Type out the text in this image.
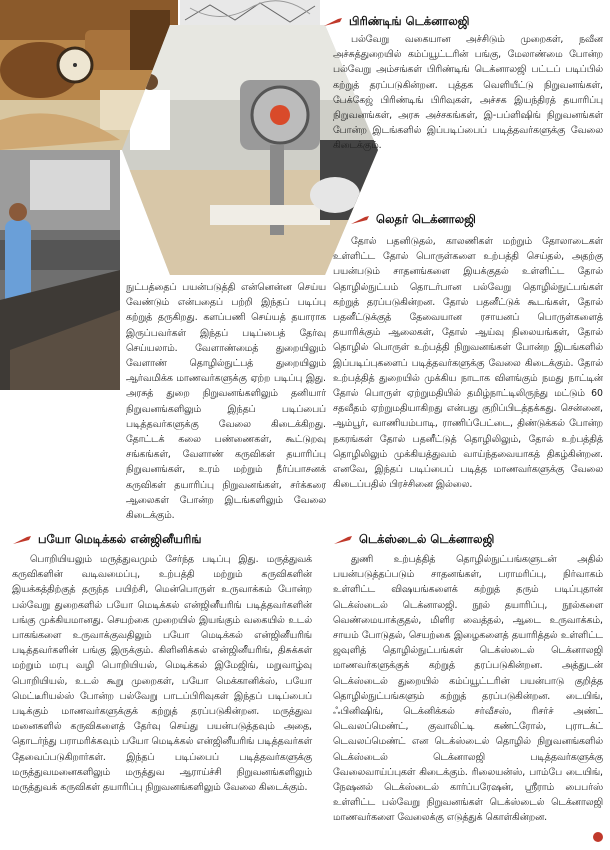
பிரிண்டிங் டெக்னாலஜி

பல்வேறு வகையான அச்சிடும் முறைகள், நவீன அச்சுத்துறையில் கம்ப்யூட்டரின் பங்கு, மேலாண்மை போன்ற பல்வேறு அம்சங்கள் பிரிண்டிங் டெக்னாலஜி பட்டப் படிப்பில் கற்றுத் தரப்படுகின்றன. புத்தக வெளியீட்டு நிறுவனங்கள், பேக்கேஜ் பிரிண்டிங் பிரிவுகள், அச்சக இயந்திரத் தயாரிப்பு நிறுவனங்கள், அரசு அச்சகங்கள், இ-பப்ளிஷிங் நிறுவனங்கள் போன்ற இடங்களில் இப்படிப்பைப் படித்தவர்களுக்கு வேலை கிடைக்கும்.

லெதர் டெக்னாலஜி

தோல் பதனிடுதல், காலணிகள் மற்றும் தோலாடைகள் உள்ளிட்ட தோல் பொருள்களை உற்பத்தி செய்தல், அதற்கு பயன்படும் சாதனங்களை இயக்குதல் உள்ளிட்ட தோல் தொழில்நுட்பம் தொடர்பான பல்வேறு தொழில்நுட்பங்கள் கற்றுத் தரப்படுகின்றன. தோல் பதனீட்டுக் கூடங்கள், தோல் பதனீட்டுக்குத் தேவையான ரசாயனப் பொருள்களைத் தயாரிக்கும் ஆலைகள், தோல் ஆய்வு நிலையங்கள், தோல் தொழில் பொருள் உற்பத்தி நிறுவனங்கள் போன்ற இடங்களில் இப்படிப்புகளைப் படித்தவர்களுக்கு வேலை கிடைக்கும். தோல் உற்பத்தித் துறையில் முக்கிய நாடாக விளங்கும் நமது நாட்டின் தோல் பொருள் ஏற்றுமதியில் தமிழ்நாட்டிலிருந்து மட்டும் 60 சதவீதம் ஏற்றுமதியாகிறது என்பது குறிப்பிடத்தக்கது. சென்னை, ஆம்பூர், வாணியம்பாடி, ராணிப்பேட்டை, திண்டுக்கல் போன்ற நகரங்கள் தோல் பதனீட்டுத் தொழிலிலும், தோல் உற்பத்தித் தொழிலிலும் முக்கியத்துவம் வாய்ந்தவையாகத் திகழ்கின்றன. எனவே, இந்தப் படிப்பைப் படித்த மாணவர்களுக்கு வேலை கிடைப்பதில் பிரச்சினை இல்லை.

நுட்பத்தைப் பயன்படுத்தி என்னென்ன செய்ய வேண்டும் என்பதைப் பற்றி இந்தப் படிப்பு கற்றுத் தருகிறது. களப்பணி செய்யத் தயாராக இருப்பவர்கள் இந்தப் படிப்பைத் தேர்வு செய்யலாம். வேளாண்மைத் துறையிலும் வேளாண் தொழில்நுட்பத் துறையிலும் ஆர்வமிக்க மாணவர்களுக்கு ஏற்ற படிப்பு இது. அரசுத் துறை நிறுவனங்களிலும் தனியார் நிறுவனங்களிலும் இந்தப் படிப்பைப் படித்தவர்களுக்கு வேலை கிடைக்கிறது. தோட்டக் கலை பண்ணைகள், கூட்டுறவு சங்கங்கள், வேளாண் கருவிகள் தயாரிப்பு நிறுவனங்கள், உரம் மற்றும் நீர்ப்பாசனக் கருவிகள் தயாரிப்பு நிறுவனங்கள், சர்க்கரை ஆலைகள் போன்ற இடங்களிலும் வேலை கிடைக்கும்.

பயோ மெடிக்கல் என்ஜினீயரிங்

பொறியியலும் மருத்துவமும் சேர்ந்த படிப்பு இது. மருத்துவக் கருவிகளின் வடிவமைப்பு, உற்பத்தி மற்றும் கருவிகளின் இயக்கத்திற்குத் தருந்த பயிற்சி, மென்பொருள் உருவாக்கம் போன்ற பல்வேறு துறைகளில் பயோ மெடிக்கல் என்ஜினீயரிங் படித்தவர்களின் பங்கு முக்கியமானது. செயற்கை முறையில் இயங்கும் வகையில் உடல் பாகங்களை உருவாக்குவதிலும் பயோ மெடிக்கல் என்ஜினீயரிங் படித்தவர்களின் பங்கு இருக்கும். கிளினிக்கல் என்ஜினீயரிங், திசுக்கள் மற்றும் மரபு வழி பொறியியல், மெடிக்கல் இமேஜிங், மறுவாழ்வு பொறியியல், உடல் கூறு முறைகள், பயோ மெக்கானிக்ஸ், பயோ மெட்டீரியல்ஸ் போன்ற பல்வேறு பாடப்பிரிவுகள் இந்தப் படிப்பைப் படிக்கும் மாணவர்களுக்குக் கற்றுத் தரப்படுகின்றன. மருத்துவ மனைகளில் கருவிகளைத் தேர்வு செய்து பயன்படுத்தவும் அதை, தொடர்ந்து பராமரிக்கவும் பயோ மெடிக்கல் என்ஜினீயரிங் படித்தவர்கள் தேவைப்படுகிறார்கள். இந்தப் படிப்பைப் படித்தவர்களுக்கு மருத்துவமனைகளிலும் மருத்துவ ஆராய்ச்சி நிறுவனங்களிலும் மருத்துவக் கருவிகள் தயாரிப்பு நிறுவனங்களிலும் வேலை கிடைக்கும்.

டெக்ஸ்டைல் டெக்னாலஜி

துணி உற்பத்தித் தொழில்நுட்பங்களுடன் அதில் பயன்படுத்தப்படும் சாதனங்கள், பராமரிப்பு, நிர்வாகம் உள்ளிட்ட விஷயங்களைக் கற்றுத் தரும் படிப்புதான் டெக்ஸ்டைல் டெக்னாலஜி. நூல் தயாரிப்பு, நூல்களை வெண்மையாக்குதல், மிளிர வைத்தல், ஆடை உருவாக்கம், சாயம் போடுதல், செயற்கை இழைகளைத் தயாரித்தல் உள்ளிட்ட ஜவுளித் தொழில்நுட்பங்கள் டெக்ஸ்டைல் டெக்னாலஜி மாணவர்களுக்குக் கற்றுத் தரப்படுகின்றன. அத்துடன் டெக்ஸ்டைல் துறையில் கம்ப்யூட்டரின் பயன்பாடு குறித்த தொழில்நுட்பங்களும் கற்றுத் தரப்படுகின்றன. டையிங், ஃபினிஷிங், டெக்னிக்கல் சர்வீசஸ், ரிசர்ச் அண்ட் டெவலப்மெண்ட், குவாலிட்டி கண்ட்ரோல், புராடக்ட் டெவலப்மெண்ட் என டெக்ஸ்டைல் தொழில் நிறுவனங்களில் டெக்ஸ்டைல் டெக்னாலஜி படித்தவர்களுக்கு வேலைவாய்ப்புகள் கிடைக்கும். ரிலையன்ஸ், பாம்பே டையிங், நேஷனல் டெக்ஸ்டைல் கார்ப்பரேஷன், ஸ்ரீராம் பைபர்ஸ் உள்ளிட்ட பல்வேறு நிறுவனங்கள் டெக்ஸ்டைல் டெக்னாலஜி மாணவர்களை வேலைக்கு எடுத்துக் கொள்கின்றன.
